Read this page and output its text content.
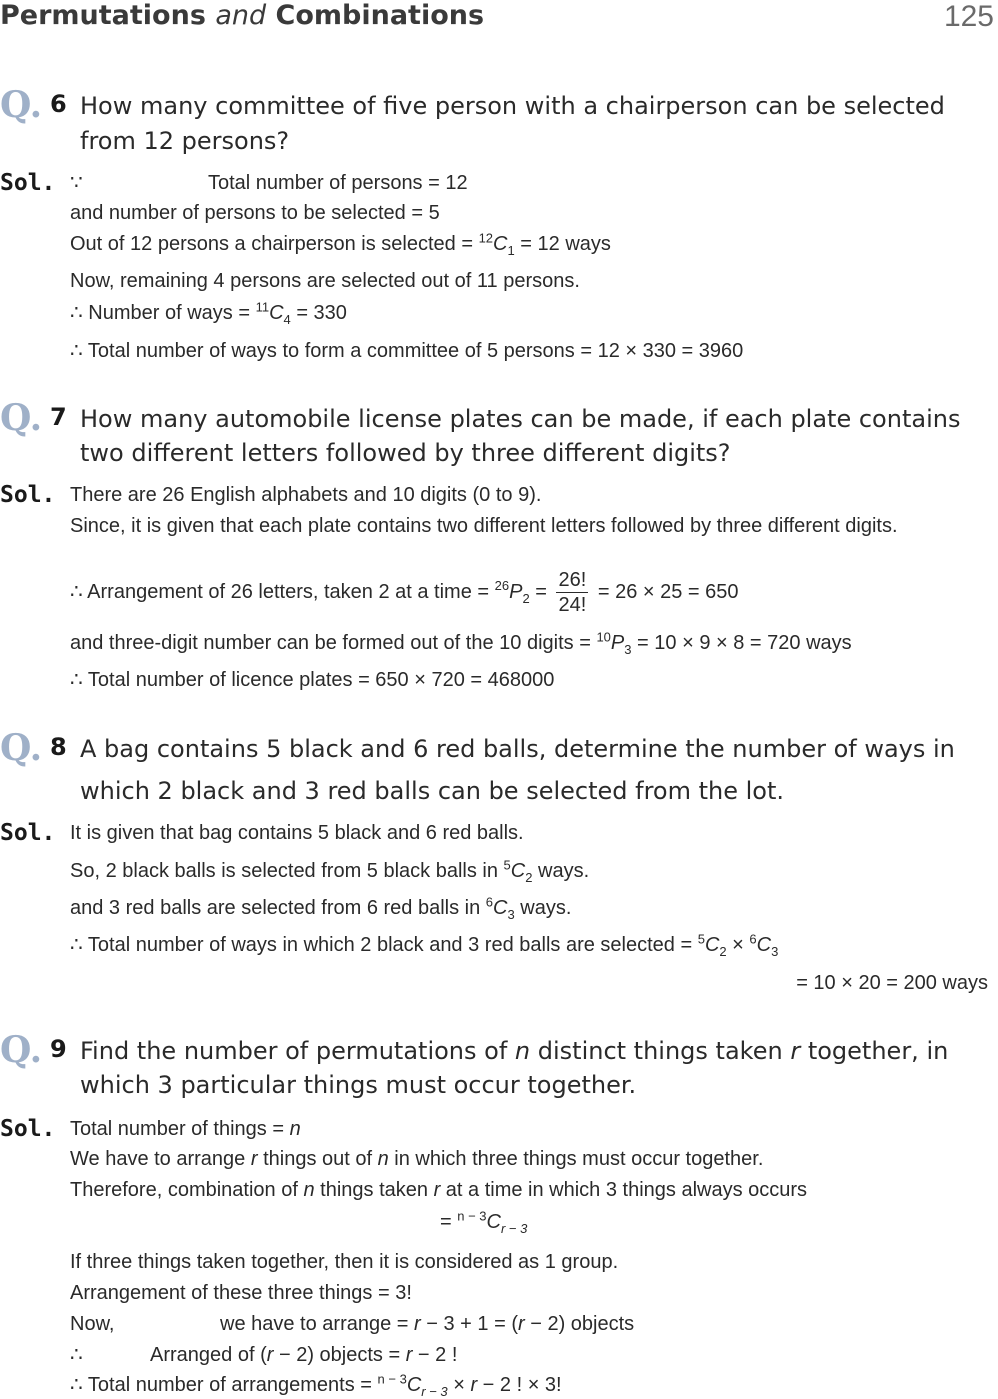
Permutations and Combinations	125
Q. 6 How many committee of five person with a chairperson can be selected
from 12 persons?
Sol. ∵	Total number of persons = 12
and number of persons to be selected = 5
Out of 12 persons a chairperson is selected = $^{12}C_1 = 12$ ways
Now, remaining 4 persons are selected out of 11 persons.
∴ Number of ways = $^{11}C_4 = 330$
∴ Total number of ways to form a committee of 5 persons = 12 × 330 = 3960
Q. 7 How many automobile license plates can be made, if each plate contains
two different letters followed by three different digits?
Sol. There are 26 English alphabets and 10 digits (0 to 9).
Since, it is given that each plate contains two different letters followed by three different digits.
∴ Arrangement of 26 letters, taken 2 at a time = $^{26}P_2 = \frac{26!}{24!} = 26 \times 25 = 650$
and three-digit number can be formed out of the 10 digits = $^{10}P_3 = 10 \times 9 \times 8 = 720$ ways
∴ Total number of licence plates = 650 × 720 = 468000
Q. 8 A bag contains 5 black and 6 red balls, determine the number of ways in
which 2 black and 3 red balls can be selected from the lot.
Sol. It is given that bag contains 5 black and 6 red balls.
So, 2 black balls is selected from 5 black balls in $^5C_2$ ways.
and 3 red balls are selected from 6 red balls in $^6C_3$ ways.
∴ Total number of ways in which 2 black and 3 red balls are selected = $^5C_2 \times ^6C_3$
= 10 × 20 = 200 ways
Q. 9 Find the number of permutations of n distinct things taken r together, in
which 3 particular things must occur together.
Sol. Total number of things = n
We have to arrange r things out of n in which three things must occur together.
Therefore, combination of n things taken r at a time in which 3 things always occurs
= $^{n - 3}C_{r - 3}$
If three things taken together, then it is considered as 1 group.
Arrangement of these three things = 3!
Now,	we have to arrange = r − 3 + 1 = (r − 2) objects
∴	Arranged of (r − 2) objects = r − 2 !
∴ Total number of arrangements = $^{n - 3}C_{r - 3} \times r - 2$ ! × 3!
